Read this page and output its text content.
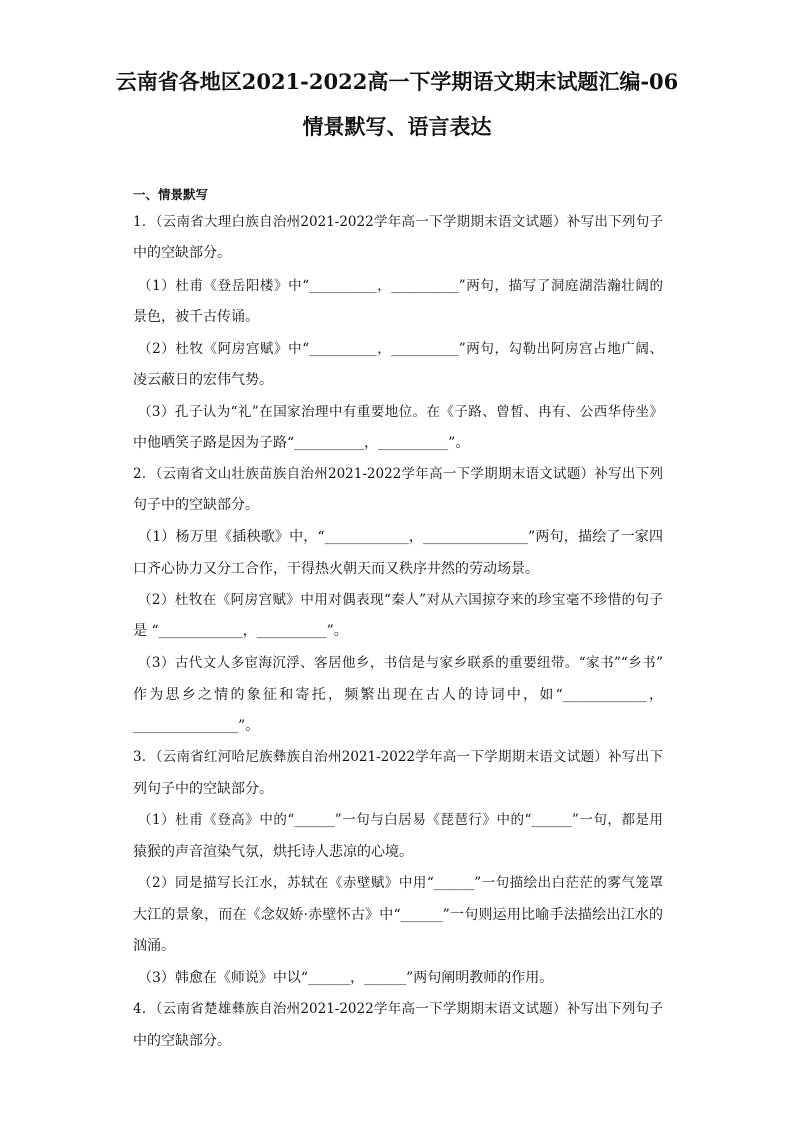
云南省各地区2021-2022高一下学期语文期末试题汇编-06
情景默写、语言表达
一、情景默写
1．（云南省大理白族自治州2021-2022学年高一下学期期末语文试题）补写出下列句子
中的空缺部分。
（1）杜甫《登岳阳楼》中“__________，__________”两句，描写了洞庭湖浩瀚壮阔的
景色，被千古传诵。
（2）杜牧《阿房宫赋》中“__________，__________”两句，勾勒出阿房宫占地广阔、
凌云蔽日的宏伟气势。
（3）孔子认为“礼”在国家治理中有重要地位。在《子路、曾皙、冉有、公西华侍坐》
中他哂笑子路是因为子路“__________，__________”。
2．（云南省文山壮族苗族自治州2021-2022学年高一下学期期末语文试题）补写出下列
句子中的空缺部分。
（1）杨万里《插秧歌》中，“____________，_______________”两句，描绘了一家四
口齐心协力又分工合作，干得热火朝天而又秩序井然的劳动场景。
（2）杜牧在《阿房宫赋》中用对偶表现“秦人”对从六国掠夺来的珍宝毫不珍惜的句子
是 “____________，__________”。
（3）古代文人多宦海沉浮、客居他乡，书信是与家乡联系的重要纽带。“家书”“乡书”
作为思乡之情的象征和寄托，频繁出现在古人的诗词中，如“____________，
_______________”。
3．（云南省红河哈尼族彝族自治州2021-2022学年高一下学期期末语文试题）补写出下
列句子中的空缺部分。
（1）杜甫《登高》中的“______”一句与白居易《琵琶行》中的“______”一句，都是用
猿猴的声音渲染气氛，烘托诗人悲凉的心境。
（2）同是描写长江水，苏轼在《赤壁赋》中用“______”一句描绘出白茫茫的雾气笼罩
大江的景象，而在《念奴娇·赤壁怀古》中“______”一句则运用比喻手法描绘出江水的
汹涌。
（3）韩愈在《师说》中以“______，______”两句阐明教师的作用。
4．（云南省楚雄彝族自治州2021-2022学年高一下学期期末语文试题）补写出下列句子
中的空缺部分。
